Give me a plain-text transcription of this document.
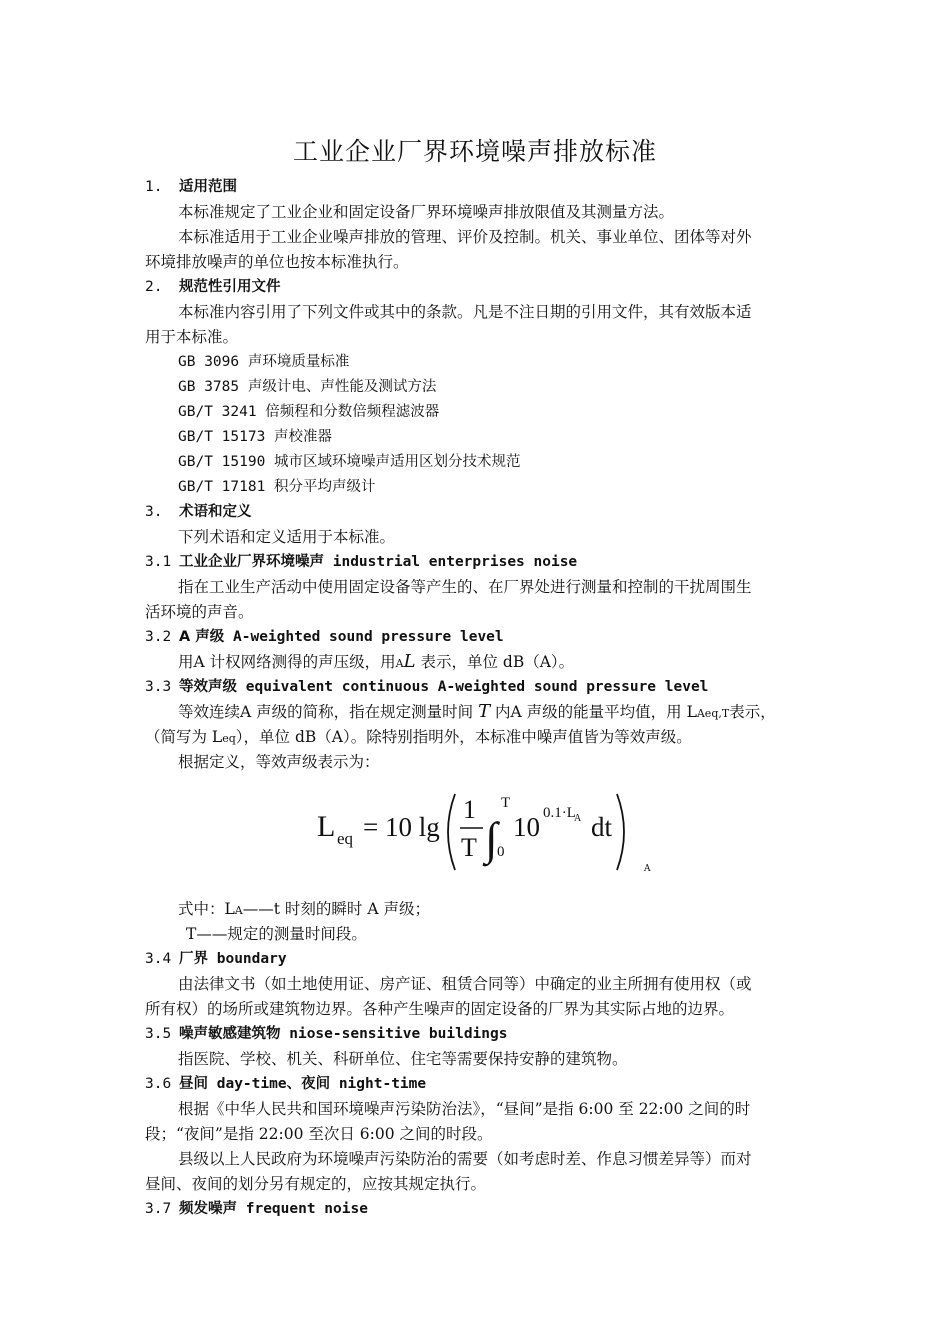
工业企业厂界环境噪声排放标准
1. 适用范围
本标准规定了工业企业和固定设备厂界环境噪声排放限值及其测量方法。
本标准适用于工业企业噪声排放的管理、评价及控制。机关、事业单位、团体等对外
环境排放噪声的单位也按本标准执行。
2. 规范性引用文件
本标准内容引用了下列文件或其中的条款。凡是不注日期的引用文件，其有效版本适
用于本标准。
GB 3096 声环境质量标准
GB 3785 声级计电、声性能及测试方法
GB/T 3241 倍频程和分数倍频程滤波器
GB/T 15173 声校准器
GB/T 15190 城市区域环境噪声适用区划分技术规范
GB/T 17181 积分平均声级计
3. 术语和定义
下列术语和定义适用于本标准。
3.1 工业企业厂界环境噪声 industrial enterprises noise
指在工业生产活动中使用固定设备等产生的、在厂界处进行测量和控制的干扰周围生
活环境的声音。
3.2 A 声级 A-weighted sound pressure level
用A 计权网络测得的声压级，用AL 表示，单位 dB（A）。
3.3 等效声级 equivalent continuous A-weighted sound pressure level
等效连续A 声级的简称，指在规定测量时间 T 内A 声级的能量平均值，用 LAeq,T表示，
（简写为 Leq），单位 dB（A）。除特别指明外，本标准中噪声值皆为等效声级。
根据定义，等效声级表示为：
L eq = 10 lg
1
T ∫
T
0
10 0.1·L
A dt
A
式中：LA——t 时刻的瞬时 A 声级；
T——规定的测量时间段。
3.4 厂界 boundary
由法律文书（如土地使用证、房产证、租赁合同等）中确定的业主所拥有使用权（或
所有权）的场所或建筑物边界。各种产生噪声的固定设备的厂界为其实际占地的边界。
3.5 噪声敏感建筑物 niose-sensitive buildings
指医院、学校、机关、科研单位、住宅等需要保持安静的建筑物。
3.6 昼间 day-time、夜间 night-time
根据《中华人民共和国环境噪声污染防治法》，“昼间”是指 6:00 至 22:00 之间的时
段；“夜间”是指 22:00 至次日 6:00 之间的时段。
县级以上人民政府为环境噪声污染防治的需要（如考虑时差、作息习惯差异等）而对
昼间、夜间的划分另有规定的，应按其规定执行。
3.7 频发噪声 frequent noise
